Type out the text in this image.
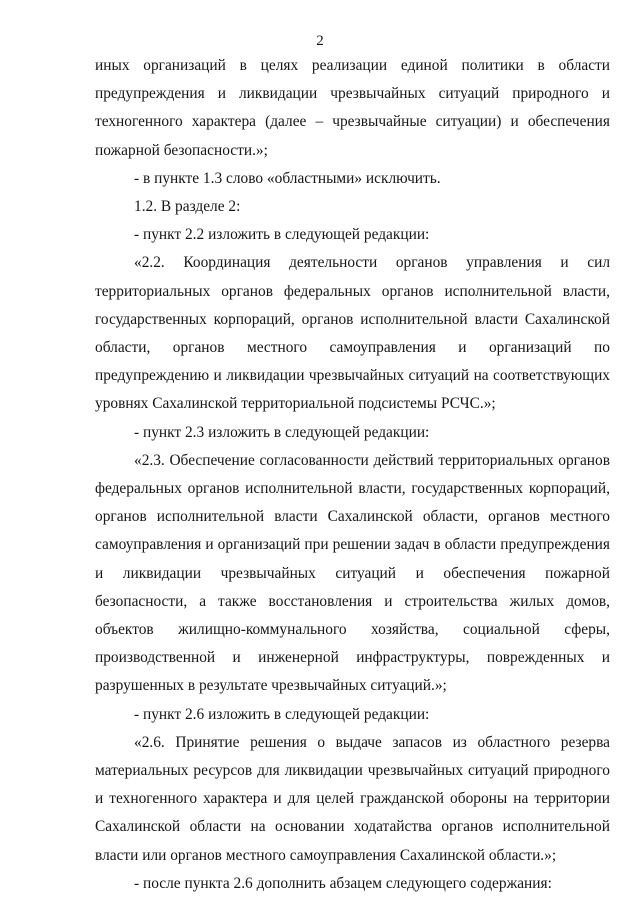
2

иных организаций в целях реализации единой политики в области предупреждения и ликвидации чрезвычайных ситуаций природного и техногенного характера (далее – чрезвычайные ситуации) и обеспечения пожарной безопасности.»;

- в пункте 1.3 слово «областными» исключить.

1.2. В разделе 2:

- пункт 2.2 изложить в следующей редакции:

«2.2. Координация деятельности органов управления и сил территориальных органов федеральных органов исполнительной власти, государственных корпораций, органов исполнительной власти Сахалинской области, органов местного самоуправления и организаций по предупреждению и ликвидации чрезвычайных ситуаций на соответствующих уровнях Сахалинской территориальной подсистемы РСЧС.»;

- пункт 2.3 изложить в следующей редакции:

«2.3. Обеспечение согласованности действий территориальных органов федеральных органов исполнительной власти, государственных корпораций, органов исполнительной власти Сахалинской области, органов местного самоуправления и организаций при решении задач в области предупреждения и ликвидации чрезвычайных ситуаций и обеспечения пожарной безопасности, а также восстановления и строительства жилых домов, объектов жилищно-коммунального хозяйства, социальной сферы, производственной и инженерной инфраструктуры, поврежденных и разрушенных в результате чрезвычайных ситуаций.»;

- пункт 2.6 изложить в следующей редакции:

«2.6. Принятие решения о выдаче запасов из областного резерва материальных ресурсов для ликвидации чрезвычайных ситуаций природного и техногенного характера и для целей гражданской обороны на территории Сахалинской области на основании ходатайства органов исполнительной власти или органов местного самоуправления Сахалинской области.»;

- после пункта 2.6 дополнить абзацем следующего содержания:
